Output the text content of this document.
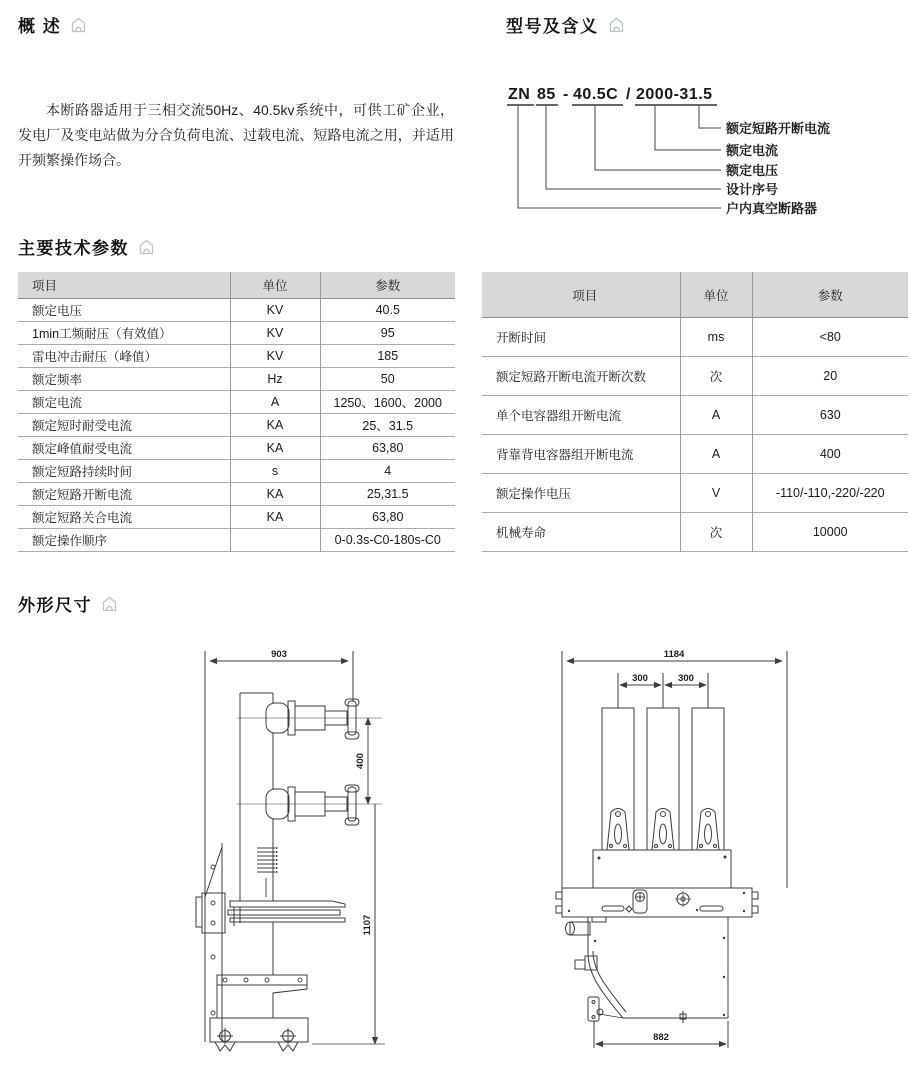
概 述

本断路器适用于三相交流50Hz、40.5kv系统中，可供工矿企业，发电厂及变电站做为分合负荷电流、过载电流、短路电流之用，并适用开频繁操作场合。

型号及含义
ZN 85 - 40.5C / 2000-31.5
额定短路开断电流
额定电流
额定电压
设计序号
户内真空断路器
主要技术参数
项目	单位	参数
额定电压	KV	40.5
1min工频耐压（有效值）	KV	95
雷电冲击耐压（峰值）	KV	185
额定频率	Hz	50
额定电流	A	1250、1600、2000
额定短时耐受电流	KA	25、31.5
额定峰值耐受电流	KA	63,80
额定短路持续时间	s	4
额定短路开断电流	KA	25,31.5
额定短路关合电流	KA	63,80
额定操作顺序		0-0.3s-C0-180s-C0
项目	单位	参数
开断时间	ms	<80
额定短路开断电流开断次数	次	20
单个电容器组开断电流	A	630
背靠背电容器组开断电流	A	400
额定操作电压	V	-110/-110,-220/-220
机械寿命	次	10000
外形尺寸
903
400
1107
1184
300	300
882
